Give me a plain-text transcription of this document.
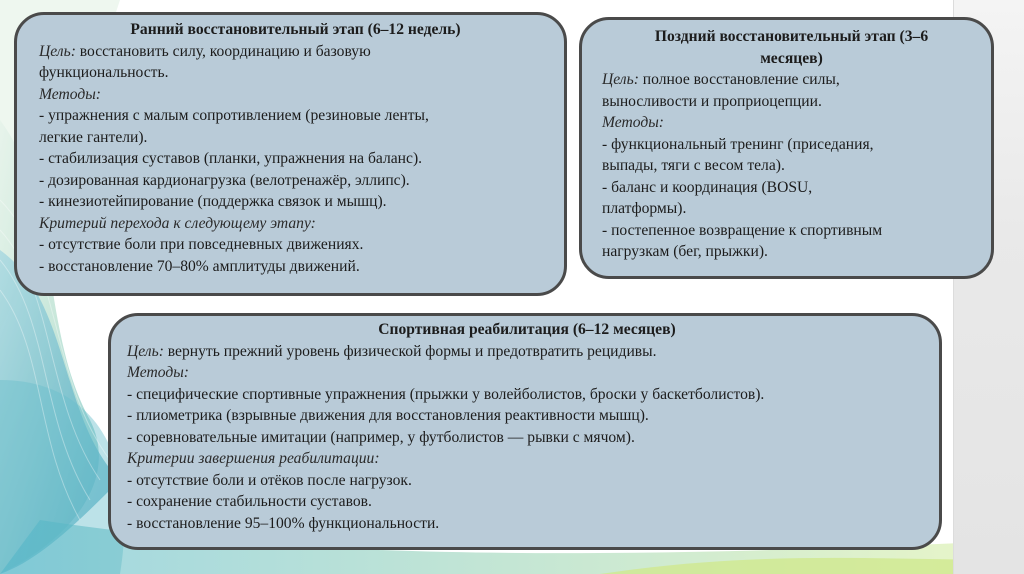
Ранний восстановительный этап (6–12 недель)
Цель: восстановить силу, координацию и базовую
функциональность.
Методы:
- упражнения с малым сопротивлением (резиновые ленты,
легкие гантели).
- стабилизация суставов (планки, упражнения на баланс).
- дозированная кардионагрузка (велотренажёр, эллипс).
- кинезиотейпирование (поддержка связок и мышц).
Критерий перехода к следующему этапу:
- отсутствие боли при повседневных движениях.
- восстановление 70–80% амплитуды движений.
Поздний восстановительный этап (3–6
месяцев)
Цель: полное восстановление силы,
выносливости и проприоцепции.
Методы:
- функциональный тренинг (приседания,
выпады, тяги с весом тела).
- баланс и координация (BOSU,
платформы).
- постепенное возвращение к спортивным
нагрузкам (бег, прыжки).
Спортивная реабилитация (6–12 месяцев)
Цель: вернуть прежний уровень физической формы и предотвратить рецидивы.
Методы:
- специфические спортивные упражнения (прыжки у волейболистов, броски у баскетболистов).
- плиометрика (взрывные движения для восстановления реактивности мышц).
- соревновательные имитации (например, у футболистов — рывки с мячом).
Критерии завершения реабилитации:
- отсутствие боли и отёков после нагрузок.
- сохранение стабильности суставов.
- восстановление 95–100% функциональности.
